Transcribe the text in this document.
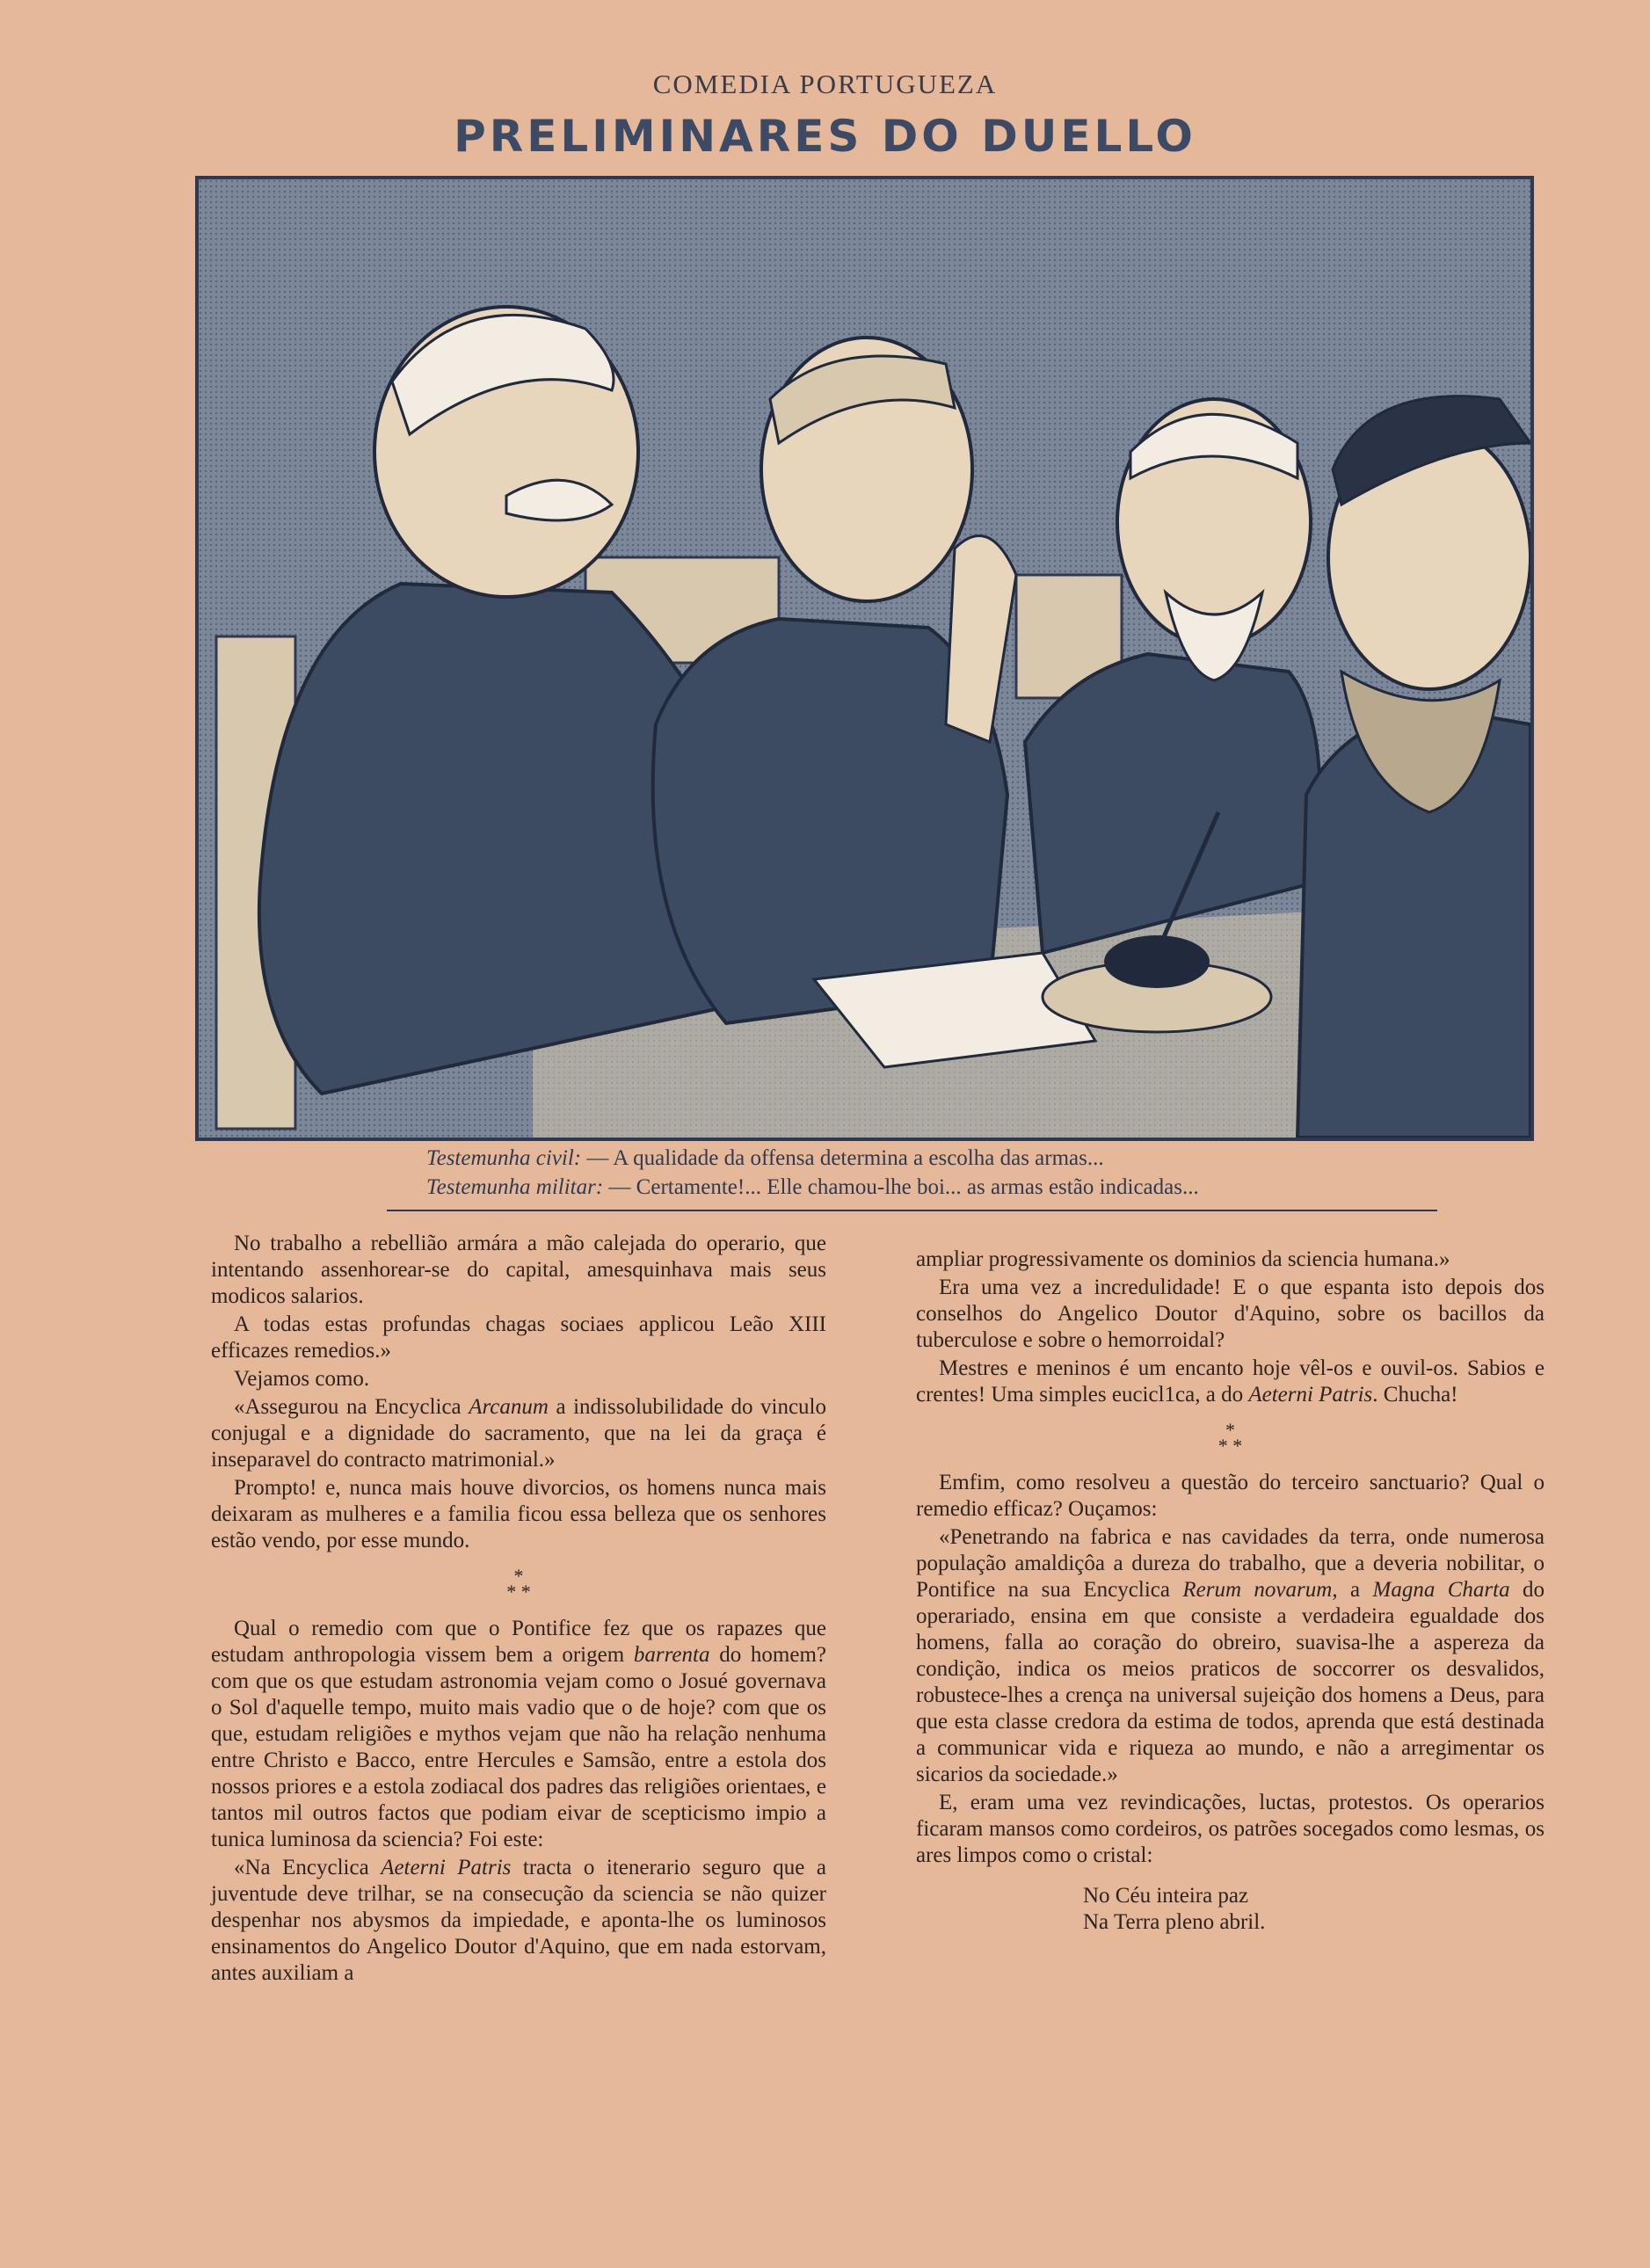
COMEDIA PORTUGUEZA
PRELIMINARES DO DUELLO
Testemunha civil: — A qualidade da offensa determina a escolha das armas...
Testemunha militar: — Certamente!... Elle chamou-lhe boi... as armas estão indicadas...

No trabalho a rebellião armára a mão calejada do operario, que intentando assenhorear-se do capital, amesquinhava mais seus modicos salarios.

A todas estas profundas chagas sociaes applicou Leão XIII efficazes remedios.»

Vejamos como.

«Assegurou na Encyclica Arcanum a indissolubilidade do vinculo conjugal e a dignidade do sacramento, que na lei da graça é inseparavel do contracto matrimonial.»

Prompto! e, nunca mais houve divorcios, os homens nunca mais deixaram as mulheres e a familia ficou essa belleza que os senhores estão vendo, por esse mundo.

*
* *

Qual o remedio com que o Pontifice fez que os rapazes que estudam anthropologia vissem bem a origem barrenta do homem? com que os que estudam astronomia vejam como o Josué governava o Sol d'aquelle tempo, muito mais vadio que o de hoje? com que os que, estudam religiões e mythos vejam que não ha relação nenhuma entre Christo e Bacco, entre Hercules e Samsão, entre a estola dos nossos priores e a estola zodiacal dos padres das religiões orientaes, e tantos mil outros factos que podiam eivar de scepticismo impio a tunica luminosa da sciencia? Foi este:

«Na Encyclica Aeterni Patris tracta o itenerario seguro que a juventude deve trilhar, se na consecução da sciencia se não quizer despenhar nos abysmos da impiedade, e aponta-lhe os luminosos ensinamentos do Angelico Doutor d'Aquino, que em nada estorvam, antes auxiliam a

ampliar progressivamente os dominios da sciencia humana.»

Era uma vez a incredulidade! E o que espanta isto depois dos conselhos do Angelico Doutor d'Aquino, sobre os bacillos da tuberculose e sobre o hemorroidal?

Mestres e meninos é um encanto hoje vêl-os e ouvil-os. Sabios e crentes! Uma simples eucicl1ca, a do Aeterni Patris. Chucha!

*
* *

Emfim, como resolveu a questão do terceiro sanctuario? Qual o remedio efficaz? Ouçamos:

«Penetrando na fabrica e nas cavidades da terra, onde numerosa população amaldiçôa a dureza do trabalho, que a deveria nobilitar, o Pontifice na sua Encyclica Rerum novarum, a Magna Charta do operariado, ensina em que consiste a verdadeira egualdade dos homens, falla ao coração do obreiro, suavisa-lhe a aspereza da condição, indica os meios praticos de soccorrer os desvalidos, robustece-lhes a crença na universal sujeição dos homens a Deus, para que esta classe credora da estima de todos, aprenda que está destinada a communicar vida e riqueza ao mundo, e não a arregimentar os sicarios da sociedade.»

E, eram uma vez revindicações, luctas, protestos. Os operarios ficaram mansos como cordeiros, os patrões socegados como lesmas, os ares limpos como o cristal:

No Céu inteira paz
Na Terra pleno abril.
